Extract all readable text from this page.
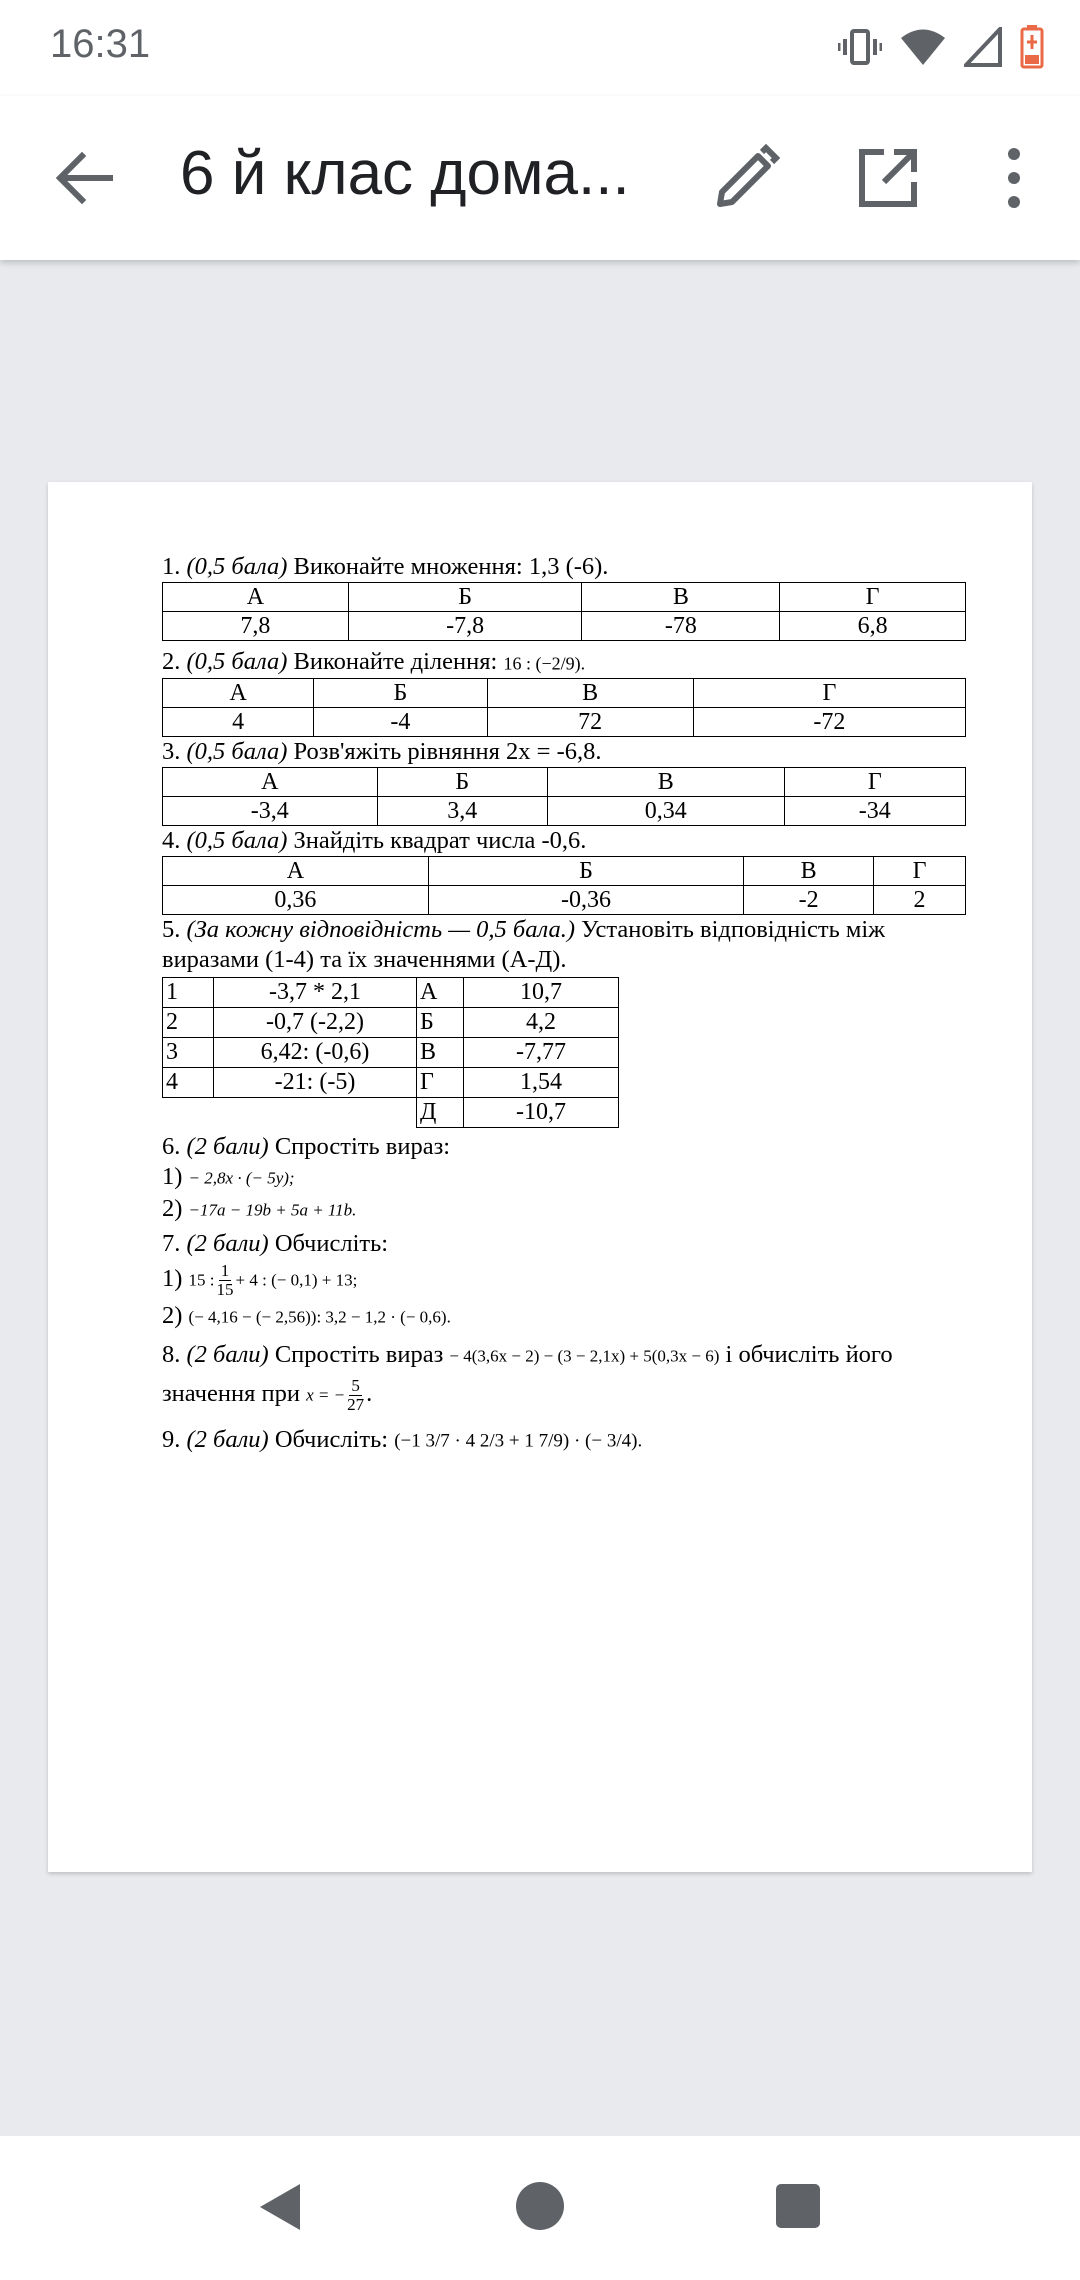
16:31
6 й клас дома...

1. (0,5 бала) Виконайте множення: 1,3 (-6).

А	Б	В	Г
7,8	-7,8	-78	6,8

2. (0,5 бала) Виконайте ділення: 16 : (−2/9).

А	Б	В	Г
4	-4	72	-72

3. (0,5 бала) Розв'яжіть рівняння 2x = -6,8.

А	Б	В	Г
-3,4	3,4	0,34	-34

4. (0,5 бала) Знайдіть квадрат числа -0,6.

А	Б	В	Г
0,36	-0,36	-2	2

5. (За кожну відповідність — 0,5 бала.) Установіть відповідність між

виразами (1-4) та їх значеннями (А-Д).

1	-3,7 * 2,1	А	10,7
2	-0,7 (-2,2)	Б	4,2
3	6,42: (-0,6)	В	-7,77
4	-21: (-5)	Г	1,54
		Д	-10,7

6. (2 бали) Спростіть вираз:

1) − 2,8x · (− 5y);

2) −17a − 19b + 5a + 11b.

7. (2 бали) Обчисліть:

1) 15 : $\frac{1}{15} + 4$ : (− 0,1) + 13;

2) (− 4,16 − (− 2,56)): 3,2 − 1,2 · (− 0,6).

8. (2 бали) Спростіть вираз − 4(3,6x − 2) − (3 − 2,1x) + 5(0,3x − 6) і обчисліть його

значення при x = − $\frac{5}{27}$ .

9. (2 бали) Обчисліть: (−1 3/7 · 4 2/3 + 1 7/9) · (− 3/4).
